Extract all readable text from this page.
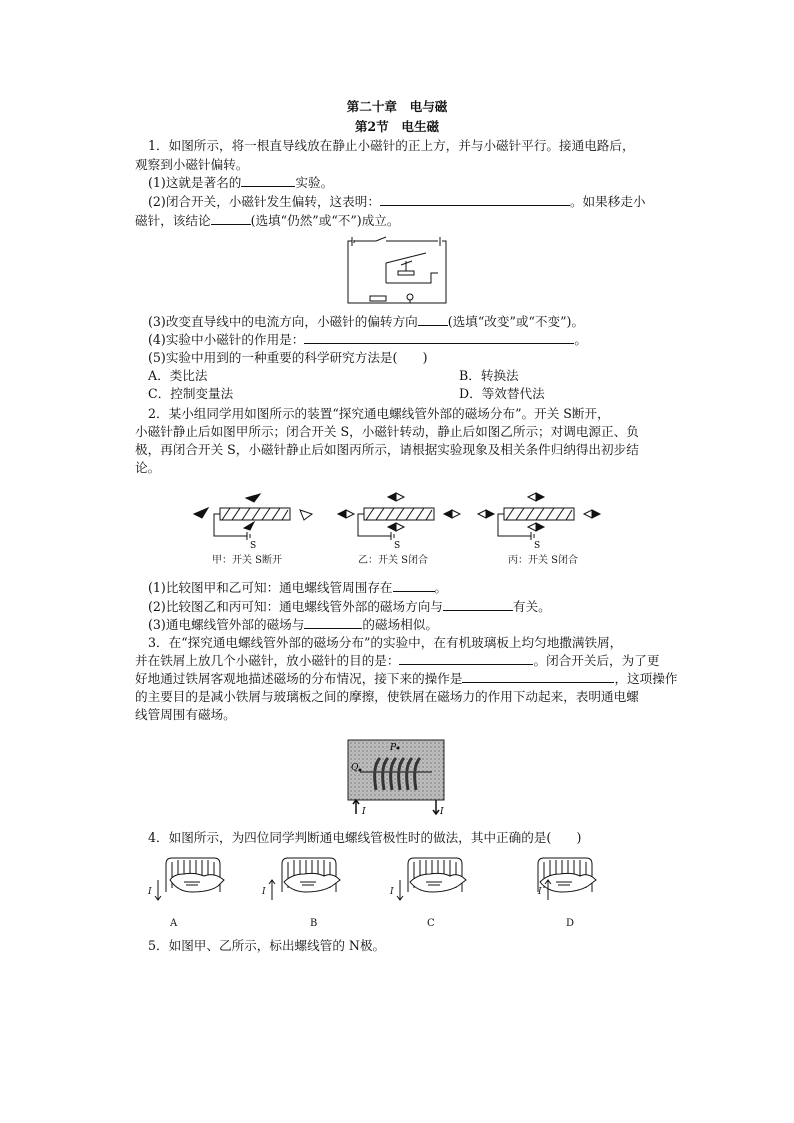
第二十章　电与磁
第2节　电生磁
1．如图所示，将一根直导线放在静止小磁针的正上方，并与小磁针平行。接通电路后，
观察到小磁针偏转。
(1)这就是著名的	实验。
(2)闭合开关，小磁针发生偏转，这表明：	。如果移走小
磁针，该结论	(选填“仍然”或“不”)成立。
(3)改变直导线中的电流方向，小磁针的偏转方向 (选填“改变”或“不变”)。
(4)实验中小磁针的作用是：	。
(5)实验中用到的一种重要的科学研究方法是(　　)
A．类比法	B．转换法
C．控制变量法	D．等效替代法
2．某小组同学用如图所示的装置“探究通电螺线管外部的磁场分布”。开关 S断开，
小磁针静止后如图甲所示；闭合开关 S，小磁针转动，静止后如图乙所示；对调电源正、负
极，再闭合开关 S，小磁针静止后如图丙所示，请根据实验现象及相关条件归纳得出初步结
论。
S	S	S
甲：开关 S断开	乙：开关 S闭合	丙：开关 S闭合
(1)比较图甲和乙可知：通电螺线管周围存在	。
(2)比较图乙和丙可知：通电螺线管外部的磁场方向与	有关。
(3)通电螺线管外部的磁场与	的磁场相似。
3．在“探究通电螺线管外部的磁场分布”的实验中，在有机玻璃板上均匀地撒满铁屑，
并在铁屑上放几个小磁针，放小磁针的目的是：	。闭合开关后，为了更
好地通过铁屑客观地描述磁场的分布情况，接下来的操作是	，这项操作
的主要目的是减小铁屑与玻璃板之间的摩擦，使铁屑在磁场力的作用下动起来，表明通电螺
线管周围有磁场。
P
Q
I	I
4．如图所示，为四位同学判断通电螺线管极性时的做法，其中正确的是(　　)
I	I	I	I
A	B	C	D
5．如图甲、乙所示，标出螺线管的 N极。
